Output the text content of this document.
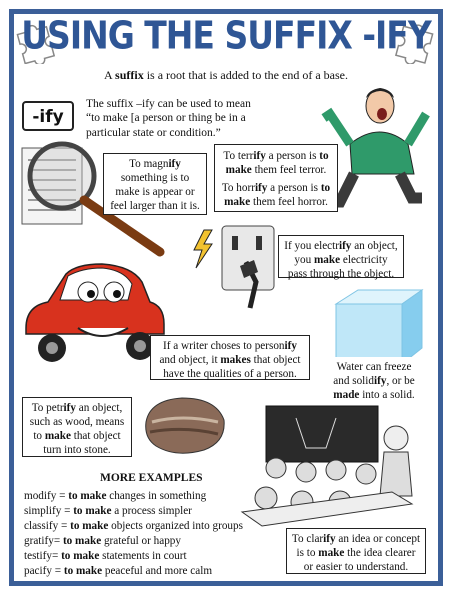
USING THE SUFFIX -IFY
A suffix is a root that is added to the end of a base.
-ify
The suffix –ify can be used to mean
“to make [a person or thing be in a
particular state or condition.”
To magnify
something is to
make is appear or
feel larger than it is.
To terrify a person is to
make them feel terror.
To horrify a person is to
make them feel horror.
If you electrify an object,
you make electricity
pass through the object.
If a writer choses to personify
and object, it makes that object
have the qualities of a person.
Water can freeze
and solidify, or be
made into a solid.
To petrify an object,
such as wood, means
to make that object
turn into stone.
To clarify an idea or concept
is to make the idea clearer
or easier to understand.
MORE EXAMPLES
modify = to make changes in something
simplify = to make a process simpler
classify = to make objects organized into groups
gratify= to make grateful or happy
testify= to make statements in court
pacify = to make peaceful and more calm
